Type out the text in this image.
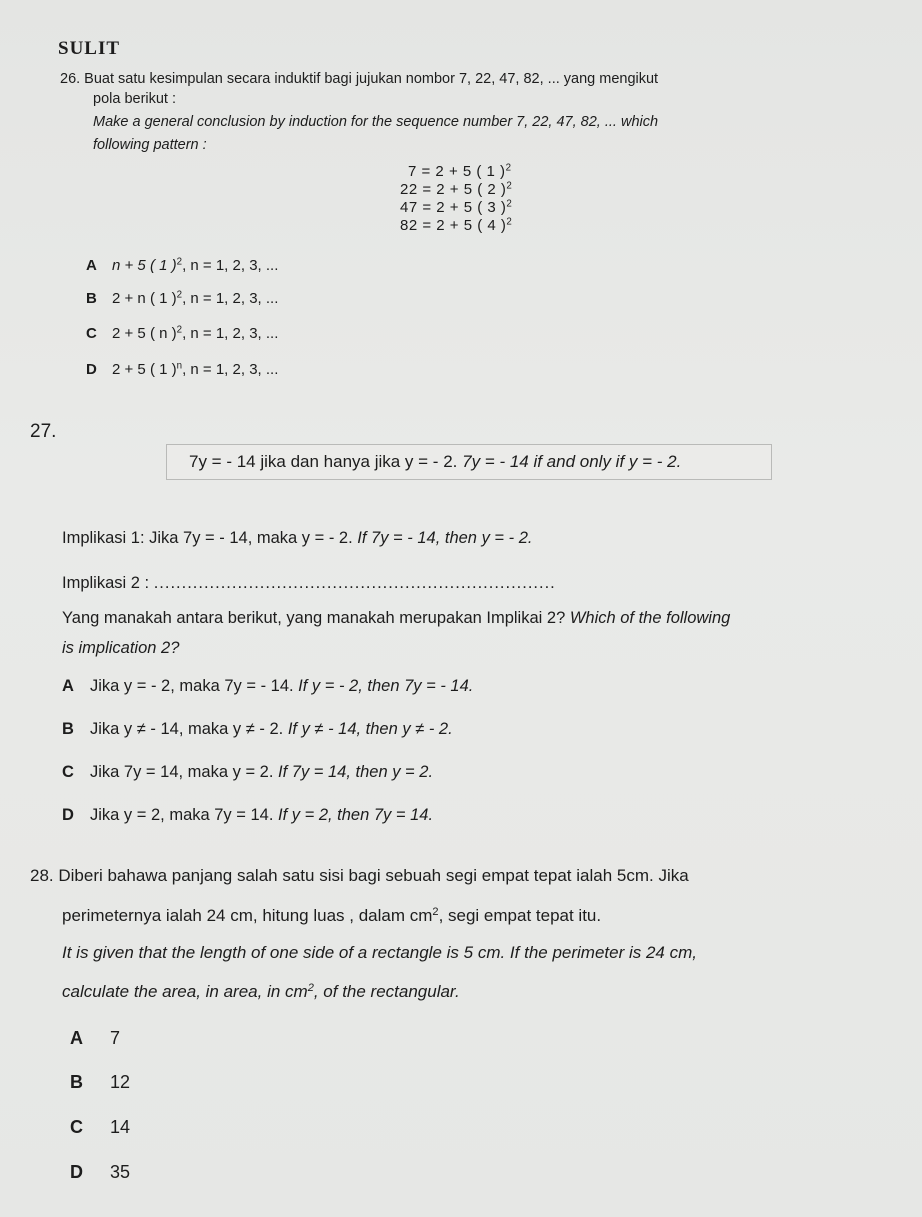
SULIT
26. Buat satu kesimpulan secara induktif bagi jujukan nombor 7, 22, 47, 82, ... yang mengikut
pola berikut :
Make a general conclusion by induction for the sequence number 7, 22, 47, 82, ... which
following pattern :
7 = 2 + 5 ( 1 )$^2$
22 = 2 + 5 ( 2 )$^2$
47 = 2 + 5 ( 3 )$^2$
82 = 2 + 5 ( 4 )$^2$
A n + 5 ( 1 )$^2$, n = 1, 2, 3, ...
B 2 + n ( 1 )$^2$, n = 1, 2, 3, ...
C 2 + 5 ( n )$^2$, n = 1, 2, 3, ...
D 2 + 5 ( 1 )$^n$, n = 1, 2, 3, ...
27.
7y = - 14 jika dan hanya jika y = - 2. 7y = - 14 if and only if y = - 2.
Implikasi 1: Jika 7y = - 14, maka y = - 2. If 7y = - 14, then y = - 2.
Implikasi 2 : ........................................................................
Yang manakah antara berikut, yang manakah merupakan Implikai 2? Which of the following
is implication 2?
A Jika y = - 2, maka 7y = - 14. If y = - 2, then 7y = - 14.
B Jika y ≠ - 14, maka y ≠ - 2. If y ≠ - 14, then y ≠ - 2.
C Jika 7y = 14, maka y = 2. If 7y = 14, then y = 2.
D Jika y = 2, maka 7y = 14. If y = 2, then 7y = 14.
28. Diberi bahawa panjang salah satu sisi bagi sebuah segi empat tepat ialah 5cm. Jika
perimeternya ialah 24 cm, hitung luas , dalam $cm^2$, segi empat tepat itu.
It is given that the length of one side of a rectangle is 5 cm. If the perimeter is 24 cm,
calculate the area, in area, in $cm^2$, of the rectangular.
A 7
B 12
C 14
D 35
